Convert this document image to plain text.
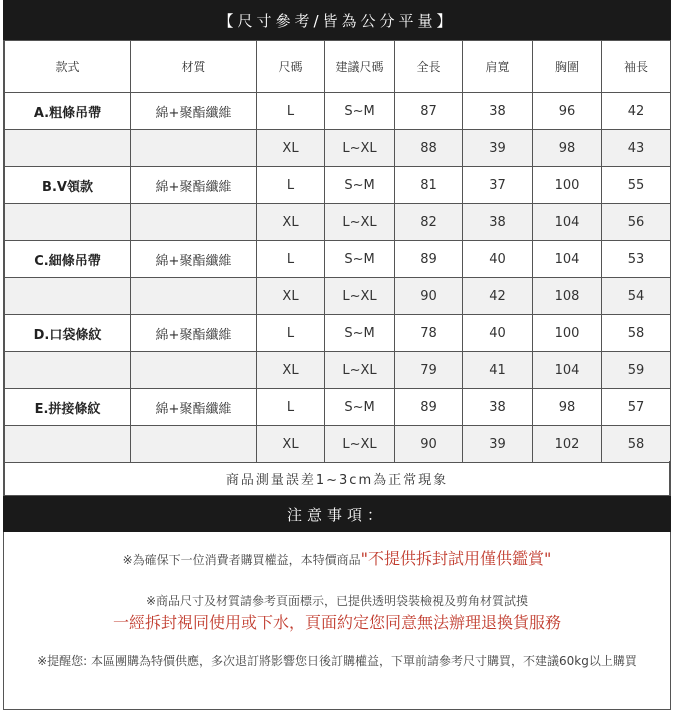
【尺寸參考/皆為公分平量】
款式	材質	尺碼	建議尺碼	全長	肩寬	胸圍	袖長
A.粗條吊帶	綿+聚酯纖維	L	S~M	87	38	96	42
		XL	L~XL	88	39	98	43
B.V領款	綿+聚酯纖維	L	S~M	81	37	100	55
		XL	L~XL	82	38	104	56
C.細條吊帶	綿+聚酯纖維	L	S~M	89	40	104	53
		XL	L~XL	90	42	108	54
D.口袋條紋	綿+聚酯纖維	L	S~M	78	40	100	58
		XL	L~XL	79	41	104	59
E.拼接條紋	綿+聚酯纖維	L	S~M	89	38	98	57
		XL	L~XL	90	39	102	58
商品測量誤差1~3cm為正常現象
注意事項：
※為確保下一位消費者購買權益，本特價商品"不提供拆封試用僅供鑑賞"
※商品尺寸及材質請參考頁面標示，已提供透明袋裝檢視及剪角材質試摸
一經拆封視同使用或下水，頁面約定您同意無法辦理退換貨服務
※提醒您: 本區團購為特價供應，多次退訂將影響您日後訂購權益，下單前請參考尺寸購買，不建議60kg以上購買
